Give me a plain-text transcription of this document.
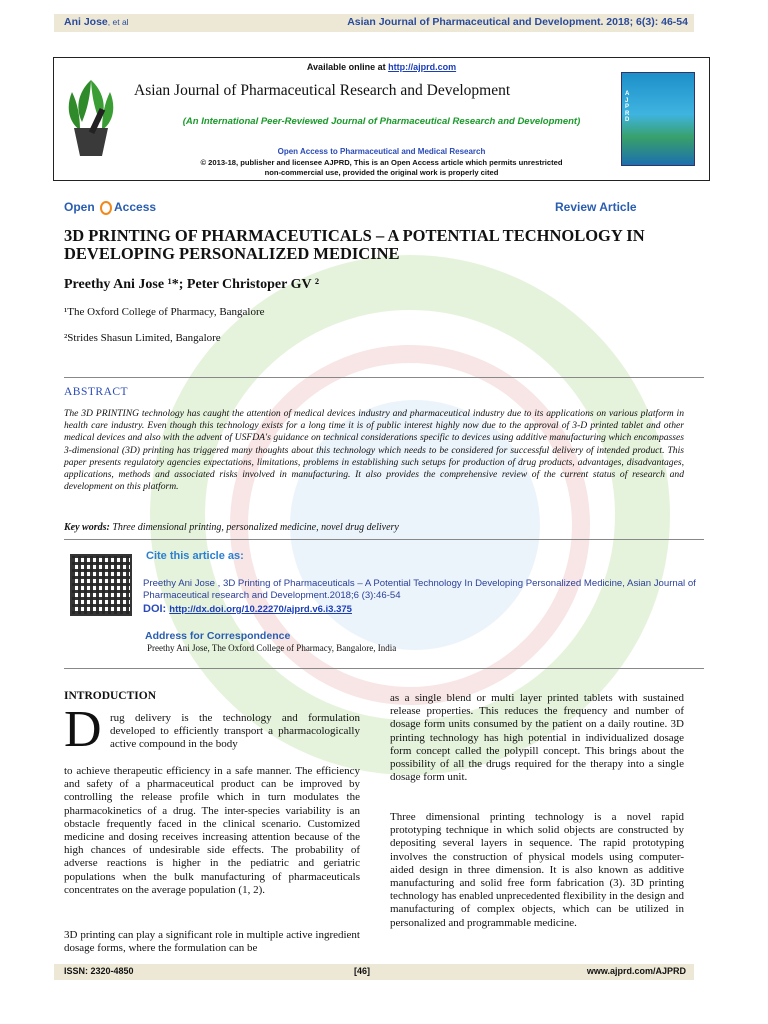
Ani Jose, et al	Asian Journal of Pharmaceutical and Development. 2018; 6(3): 46-54
Available online at http://ajprd.com
Asian Journal of Pharmaceutical Research and Development
(An International Peer-Reviewed Journal of Pharmaceutical Research and Development)
Open Access to Pharmaceutical and Medical Research
© 2013-18, publisher and licensee AJPRD, This is an Open Access article which permits unrestricted
non-commercial use, provided the original work is properly cited
A J P R D
Open Access	Review Article
3D PRINTING OF PHARMACEUTICALS – A POTENTIAL TECHNOLOGY IN DEVELOPING PERSONALIZED MEDICINE
Preethy Ani Jose ¹*; Peter Christoper GV ²
¹The Oxford College of Pharmacy, Bangalore
²Strides Shasun Limited, Bangalore
ABSTRACT
The 3D PRINTING technology has caught the attention of medical devices industry and pharmaceutical industry due to its applications on various platform in health care industry. Even though this technology exists for a long time it is of public interest highly now due to the approval of 3-D printed tablet and other medical devices and also with the advent of USFDA's guidance on technical considerations specific to devices using additive manufacturing which encompasses 3-dimensional (3D) printing has triggered many thoughts about this technology which needs to be considered for successful delivery of intended product. This paper presents regulatory agencies expectations, limitations, problems in establishing such setups for production of drug products, advantages, disadvantages, applications, methods and associated risks involved in manufacturing. It also provides the comprehensive review of the current status of research and development on this platform.
Key words: Three dimensional printing, personalized medicine, novel drug delivery
Cite this article as:
Preethy Ani Jose , 3D Printing of Pharmaceuticals – A Potential Technology In Developing Personalized Medicine, Asian Journal of Pharmaceutical research and Development.2018;6 (3):46-54
DOI: http://dx.doi.org/10.22270/ajprd.v6.i3.375
Address for Correspondence
Preethy Ani Jose, The Oxford College of Pharmacy, Bangalore, India
INTRODUCTION
D rug delivery is the technology and formulation developed to efficiently transport a pharmacologically active compound in the body
to achieve therapeutic efficiency in a safe manner. The efficiency and safety of a pharmaceutical product can be improved by controlling the release profile which in turn modulates the pharmacokinetics of a drug. The inter-species variability is an obstacle frequently faced in the clinical scenario. Customized medicine and dosing receives increasing attention because of the high chances of undesirable side effects. The probability of adverse reactions is higher in the pediatric and geriatric populations when the bulk manufacturing of pharmaceuticals concentrates on the average population (1, 2).
3D printing can play a significant role in multiple active ingredient dosage forms, where the formulation can be
as a single blend or multi layer printed tablets with sustained release properties. This reduces the frequency and number of dosage form units consumed by the patient on a daily routine. 3D printing technology has high potential in individualized dosage form concept called the polypill concept. This brings about the possibility of all the drugs required for the therapy into a single dosage form unit.
Three dimensional printing technology is a novel rapid prototyping technique in which solid objects are constructed by depositing several layers in sequence. The rapid prototyping involves the construction of physical models using computer-aided design in three dimension. It is also known as additive manufacturing and solid free form fabrication (3). 3D printing technology has enabled unprecedented flexibility in the design and manufacturing of complex objects, which can be utilized in personalized and programmable medicine.
ISSN: 2320-4850	[46]	www.ajprd.com/AJPRD
